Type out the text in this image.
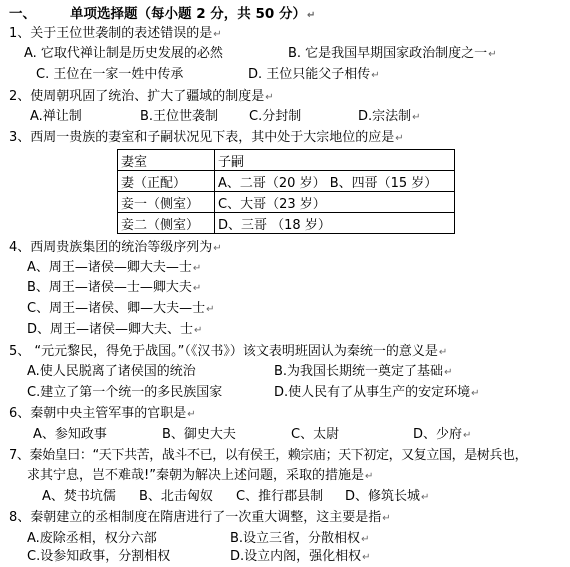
一、	单项选择题（每小题 2 分，共 50 分）↵
1、关于王位世袭制的表述错误的是↵
A. 它取代禅让制是历史发展的必然	B. 它是我国早期国家政治制度之一↵
C. 王位在一家一姓中传承	D. 王位只能父子相传↵
2、使周朝巩固了统治、扩大了疆域的制度是↵
A.禅让制	B.王位世袭制 C.分封制	D.宗法制↵
3、西周一贵族的妻室和子嗣状况见下表，其中处于大宗地位的应是↵
妻室	子嗣
妻（正配）	A、二哥（20 岁） B、四哥（15 岁）
妾一（侧室）	C、大哥（23 岁）
妾二（侧室）	D、三哥 （18 岁）
4、西周贵族集团的统治等级序列为↵
A、周王—诸侯—卿大夫—士↵
B、周王—诸侯—士—卿大夫↵
C、周王—诸侯、卿—大夫—士↵
D、周王—诸侯—卿大夫、士↵
5、 “元元黎民，得免于战国。”（《汉书》）该文表明班固认为秦统一的意义是↵
A.使人民脱离了诸侯国的统治	B.为我国长期统一奠定了基础↵
C.建立了第一个统一的多民族国家	D.使人民有了从事生产的安定环境↵
6、秦朝中央主管军事的官职是↵
A、参知政事	B、御史大夫	C、太尉	D、少府↵
7、秦始皇曰：“天下共苦，战斗不已，以有侯王，赖宗庙；天下初定，又复立国，是树兵也，
求其宁息，岂不难哉!”秦朝为解决上述问题，采取的措施是↵
A、焚书坑儒 B、北击匈奴 C、推行郡县制 D、修筑长城↵
8、秦朝建立的丞相制度在隋唐进行了一次重大调整，这主要是指↵
A.废除丞相，权分六部	B.设立三省，分散相权↵
C.设参知政事，分割相权	D.设立内阁，强化相权↵
